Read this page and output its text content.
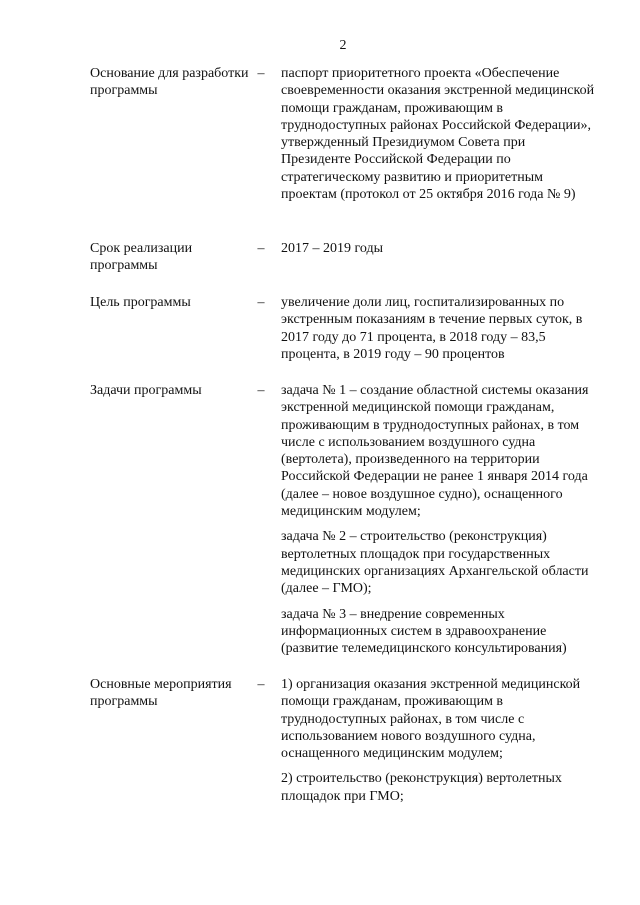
2
Основание для разработки программы
– паспорт приоритетного проекта «Обеспечение своевременности оказания экстренной медицинской помощи гражданам, проживающим в труднодоступных районах Российской Федерации», утвержденный Президиумом Совета при Президенте Российской Федерации по стратегическому развитию и приоритетным проектам (протокол от 25 октября 2016 года № 9)

Срок реализации программы
– 2017 – 2019 годы

Цель программы	– увеличение доли лиц, госпитализированных по экстренным показаниям в течение первых суток, в 2017 году до 71 процента, в 2018 году – 83,5 процента, в 2019 году – 90 процентов

Задачи программы	– задача № 1 – создание областной системы оказания экстренной медицинской помощи гражданам, проживающим в труднодоступных районах, в том числе с использованием воздушного судна (вертолета), произведенного на территории Российской Федерации не ранее 1 января 2014 года (далее – новое воздушное судно), оснащенного медицинским модулем;

задача № 2 – строительство (реконструкция) вертолетных площадок при государственных медицинских организациях Архангельской области (далее – ГМО);

задача № 3 – внедрение современных информационных систем в здравоохранение (развитие телемедицинского консультирования)

Основные мероприятия программы
– 1) организация оказания экстренной медицинской помощи гражданам, проживающим в труднодоступных районах, в том числе с использованием нового воздушного судна, оснащенного медицинским модулем;

2) строительство (реконструкция) вертолетных площадок при ГМО;
